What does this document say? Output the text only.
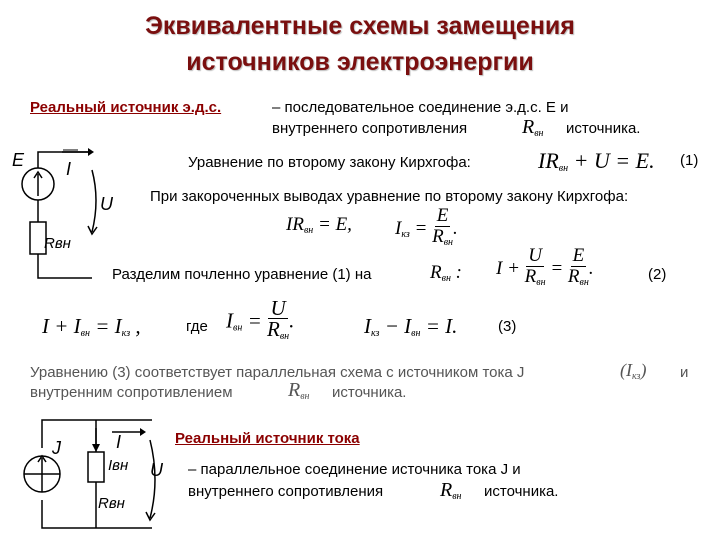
Эквивалентные схемы замещения
источников электроэнергии
Реальный источник э.д.с.	– последовательное соединение э.д.с. E и
внутреннего сопротивления	$R_{вн}$ источника.
Уравнение по второму закону Кирхгофа:	$IR_{вн} + U = E$. (1)
При закороченных выводах уравнение по второму закону Кирхгофа:
$IR_{вн} = E$, $I_{кз} = \frac{E}{R_{вн}}$ .
Разделим почленно уравнение (1) на	$R_{вн}$ : $I + \frac{U}{R_{вн}} = \frac{E}{R_{вн}}$ .	(2)
$I + I_{вн} = I_{кз}$ ,	где $I_{вн} = \frac{U}{R_{вн}}$ .	$I_{кз} - I_{вн} = I$.	(3)
Уравнению (3) соответствует параллельная схема с источником тока J	$(I_{кз})$ и
внутренним сопротивлением	$R_{вн}$ источника.
Реальный источник тока
– параллельное соединение источника тока J и
внутреннего сопротивления	$R_{вн}$ источника.
E I
U
Rвн
J	I
Iвн U
Rвн
